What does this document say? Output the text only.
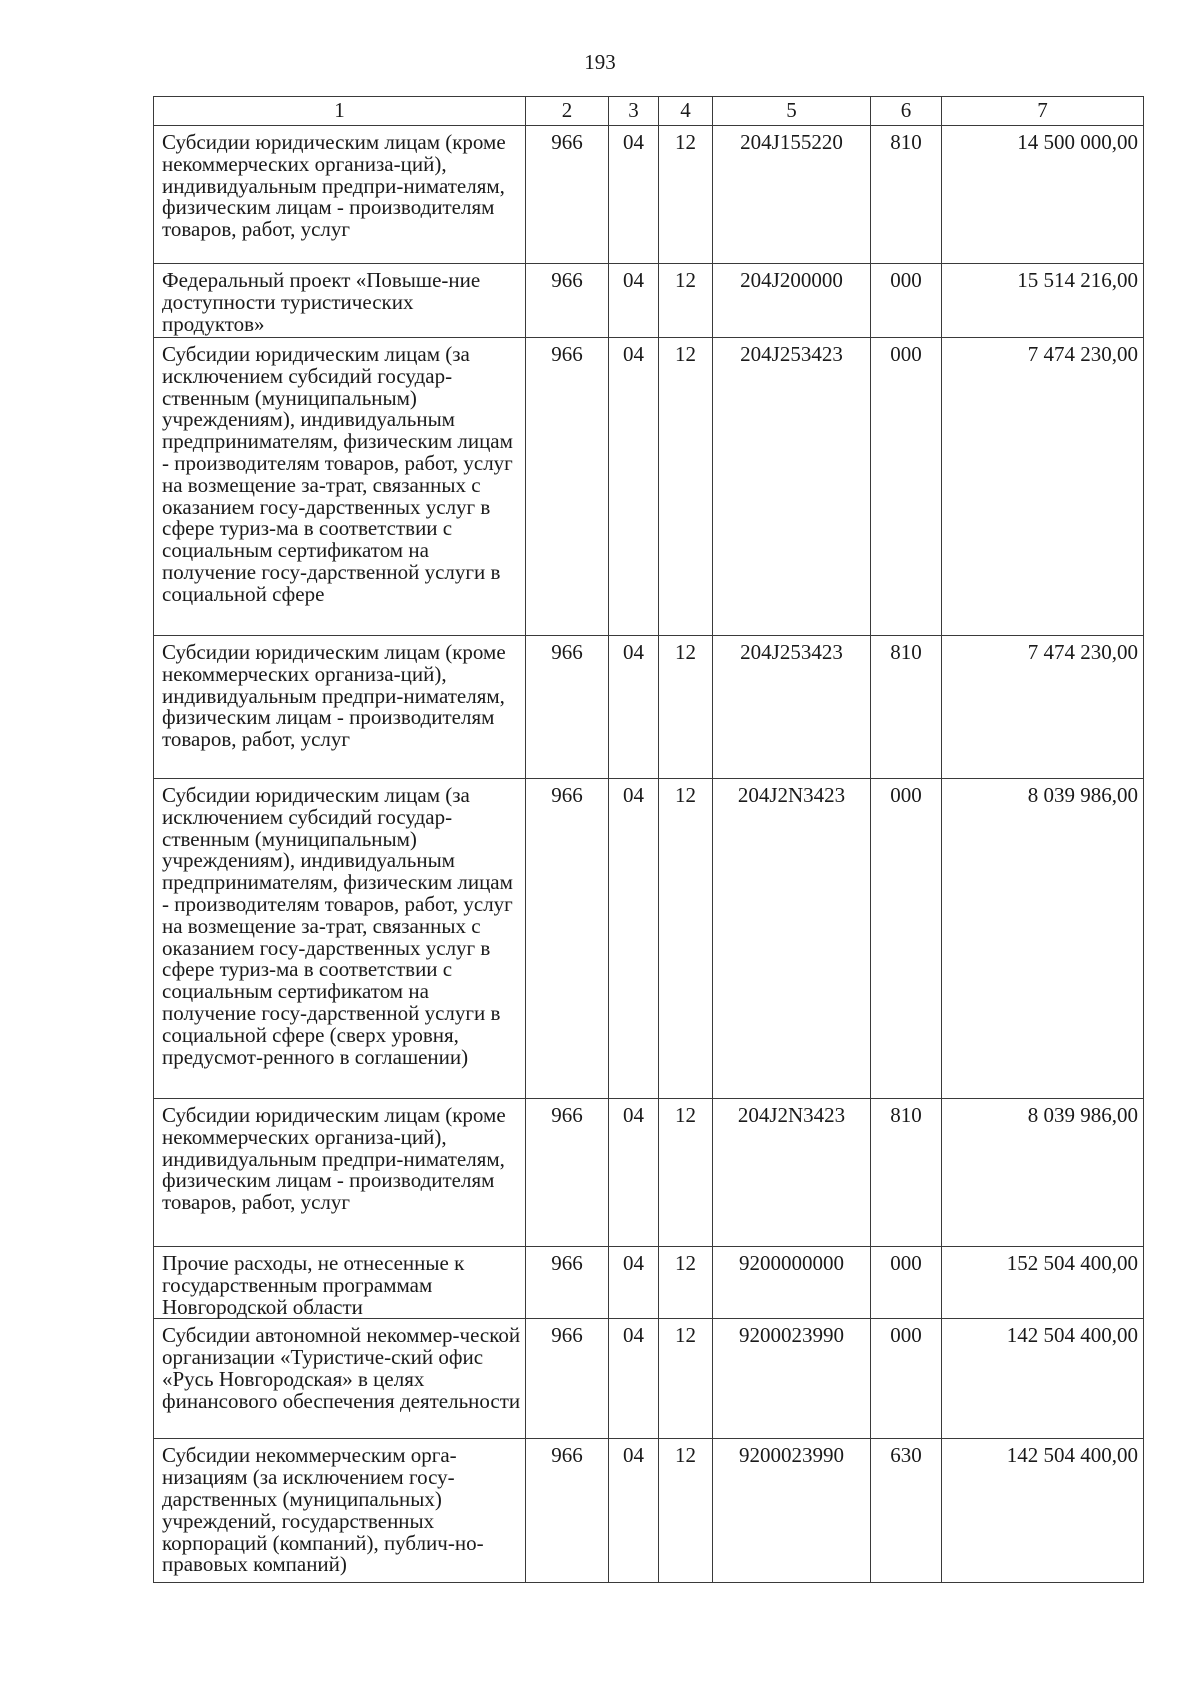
193
1	2	3	4	5	6	7
Субсидии юридическим лицам (кроме некоммерческих организа-ций), индивидуальным предпри-нимателям, физическим лицам - производителям товаров, работ, услуг	966	04	12	204J155220	810	14 500 000,00
Федеральный проект «Повыше-ние доступности туристических продуктов»	966	04	12	204J200000	000	15 514 216,00
Субсидии юридическим лицам (за исключением субсидий государ-ственным (муниципальным) учреждениям), индивидуальным предпринимателям, физическим лицам - производителям товаров, работ, услуг на возмещение за-трат, связанных с оказанием госу-дарственных услуг в сфере туриз-ма в соответствии с социальным сертификатом на получение госу-дарственной услуги в социальной сфере	966	04	12	204J253423	000	7 474 230,00
Субсидии юридическим лицам (кроме некоммерческих организа-ций), индивидуальным предпри-нимателям, физическим лицам - производителям товаров, работ, услуг	966	04	12	204J253423	810	7 474 230,00
Субсидии юридическим лицам (за исключением субсидий государ-ственным (муниципальным) учреждениям), индивидуальным предпринимателям, физическим лицам - производителям товаров, работ, услуг на возмещение за-трат, связанных с оказанием госу-дарственных услуг в сфере туриз-ма в соответствии с социальным сертификатом на получение госу-дарственной услуги в социальной сфере (сверх уровня, предусмот-ренного в соглашении)	966	04	12	204J2N3423	000	8 039 986,00
Субсидии юридическим лицам (кроме некоммерческих организа-ций), индивидуальным предпри-нимателям, физическим лицам - производителям товаров, работ, услуг	966	04	12	204J2N3423	810	8 039 986,00
Прочие расходы, не отнесенные к государственным программам Новгородской области	966	04	12	9200000000	000	152 504 400,00
Субсидии автономной некоммер-ческой организации «Туристиче-ский офис «Русь Новгородская» в целях финансового обеспечения деятельности	966	04	12	9200023990	000	142 504 400,00
Субсидии некоммерческим орга-низациям (за исключением госу-дарственных (муниципальных) учреждений, государственных корпораций (компаний), публич-но-правовых компаний)	966	04	12	9200023990	630	142 504 400,00
